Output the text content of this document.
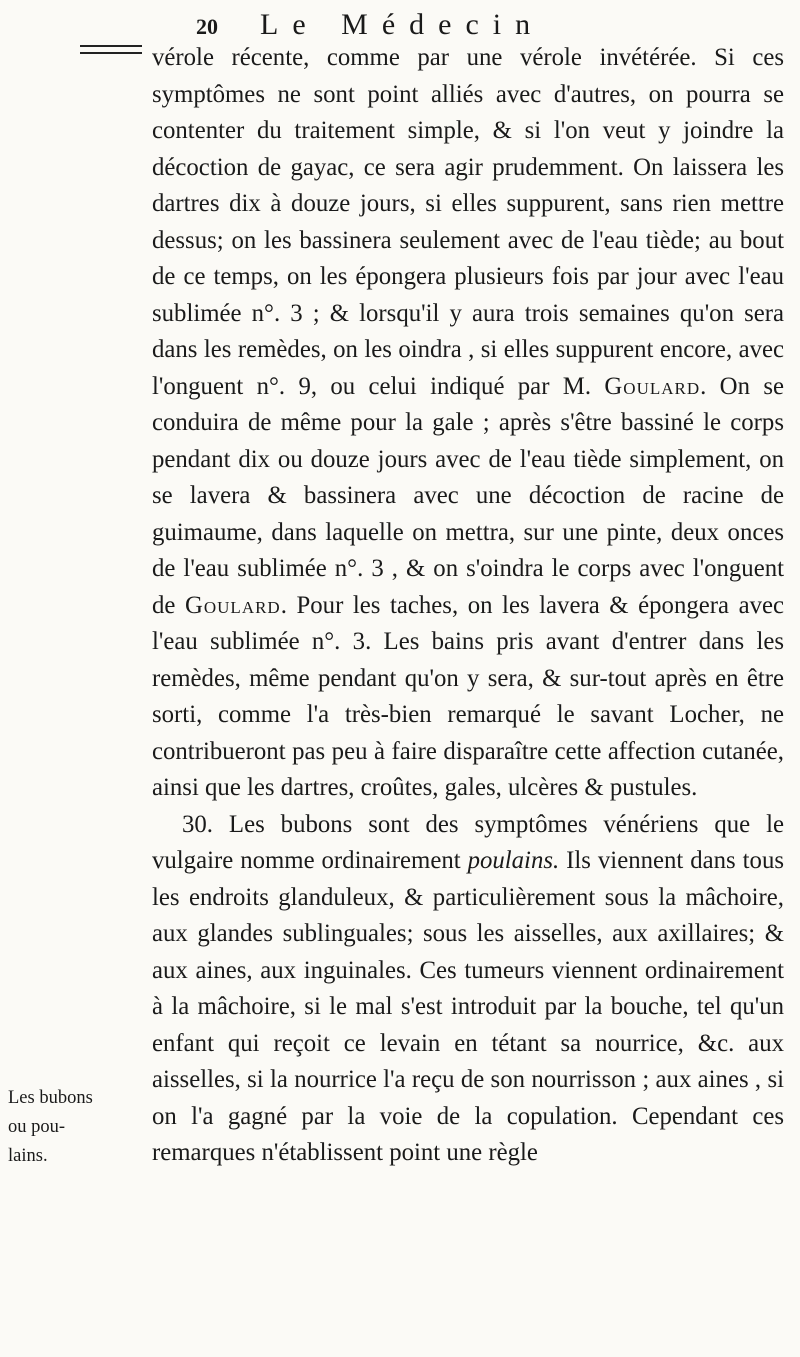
20 Le Médecin

vérole récente, comme par une vérole invétérée. Si ces symptômes ne sont point alliés avec d'autres, on pourra se contenter du traitement simple, & si l'on veut y joindre la décoction de gayac, ce sera agir prudemment. On laissera les dartres dix à douze jours, si elles suppurent, sans rien mettre dessus; on les bassinera seulement avec de l'eau tiède; au bout de ce temps, on les épongera plusieurs fois par jour avec l'eau sublimée n°. 3 ; & lorsqu'il y aura trois semaines qu'on sera dans les remèdes, on les oindra , si elles suppurent encore, avec l'onguent n°. 9, ou celui indiqué par M. Goulard. On se conduira de même pour la gale ; après s'être bassiné le corps pendant dix ou douze jours avec de l'eau tiède simplement, on se lavera & bassinera avec une décoction de racine de guimaume, dans laquelle on mettra, sur une pinte, deux onces de l'eau sublimée n°. 3 , & on s'oindra le corps avec l'onguent de Goulard. Pour les taches, on les lavera & épongera avec l'eau sublimée n°. 3. Les bains pris avant d'entrer dans les remèdes, même pendant qu'on y sera, & sur-tout après en être sorti, comme l'a très-bien remarqué le savant Locher, ne contribueront pas peu à faire disparaître cette affection cutanée, ainsi que les dartres, croûtes, gales, ulcères & pustules.

30. Les bubons sont des symptômes vénériens que le vulgaire nomme ordinairement poulains. Ils viennent dans tous les endroits glanduleux, & particulièrement sous la mâchoire, aux glandes sublinguales; sous les aisselles, aux axillaires; & aux aines, aux inguinales. Ces tumeurs viennent ordinairement à la mâchoire, si le mal s'est introduit par la bouche, tel qu'un enfant qui reçoit ce levain en tétant sa nourrice, &c. aux aisselles, si la nourrice l'a reçu de son nourrisson ; aux aines , si on l'a gagné par la voie de la copulation. Cependant ces remarques n'établissent point une règle

Les bubons
ou pou-
lains.
